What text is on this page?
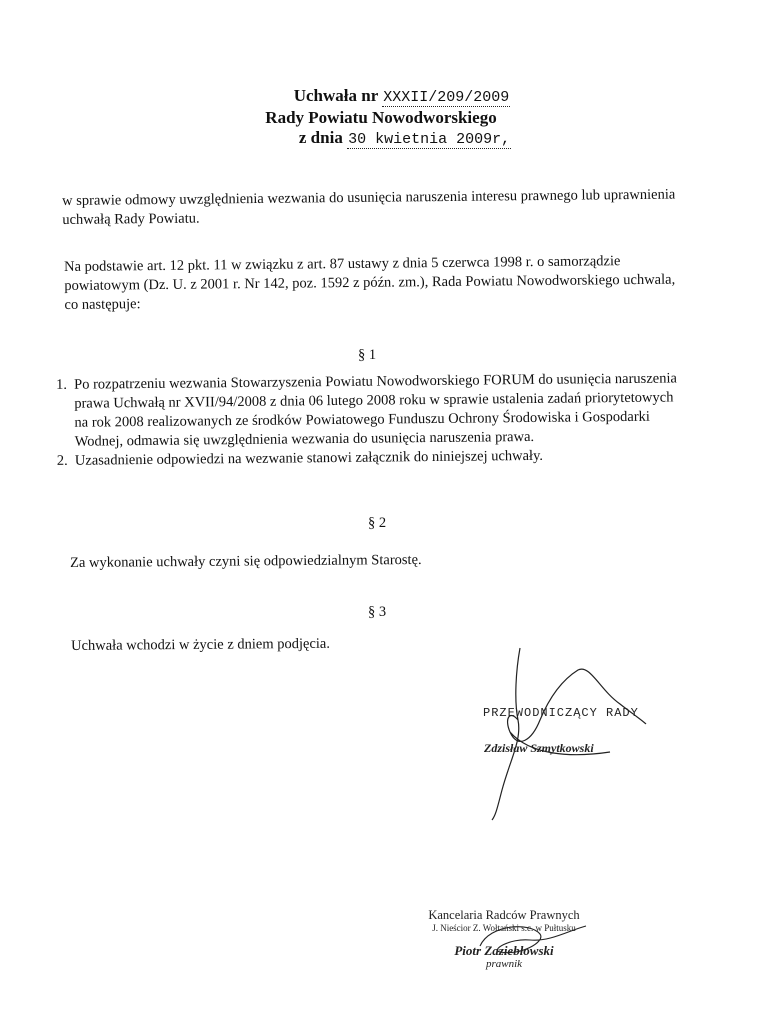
Uchwała nr XXXII/209/2009
Rady Powiatu Nowodworskiego
z dnia 30 kwietnia 2009r,
w sprawie odmowy uwzględnienia wezwania do usunięcia naruszenia interesu prawnego lub uprawnienia uchwałą Rady Powiatu.
Na podstawie art. 12 pkt. 11 w związku z art. 87 ustawy z dnia 5 czerwca 1998 r. o samorządzie powiatowym (Dz. U. z 2001 r. Nr 142, poz. 1592 z późn. zm.), Rada Powiatu Nowodworskiego uchwala, co następuje:
§ 1
1. Po rozpatrzeniu wezwania Stowarzyszenia Powiatu Nowodworskiego FORUM do usunięcia naruszenia prawa Uchwałą nr XVII/94/2008 z dnia 06 lutego 2008 roku w sprawie ustalenia zadań priorytetowych na rok 2008 realizowanych ze środków Powiatowego Funduszu Ochrony Środowiska i Gospodarki Wodnej, odmawia się uwzględnienia wezwania do usunięcia naruszenia prawa.
2. Uzasadnienie odpowiedzi na wezwanie stanowi załącznik do niniejszej uchwały.
§ 2
Za wykonanie uchwały czyni się odpowiedzialnym Starostę.
§ 3
Uchwała wchodzi w życie z dniem podjęcia.
PRZEWODNICZĄCY RADY
Zdzisław Szmytkowski
Kancelaria Radców Prawnych
J. Nieścior Z. Wołtański s.c. w Pułtusku
Piotr Zazieblowski
prawnik
